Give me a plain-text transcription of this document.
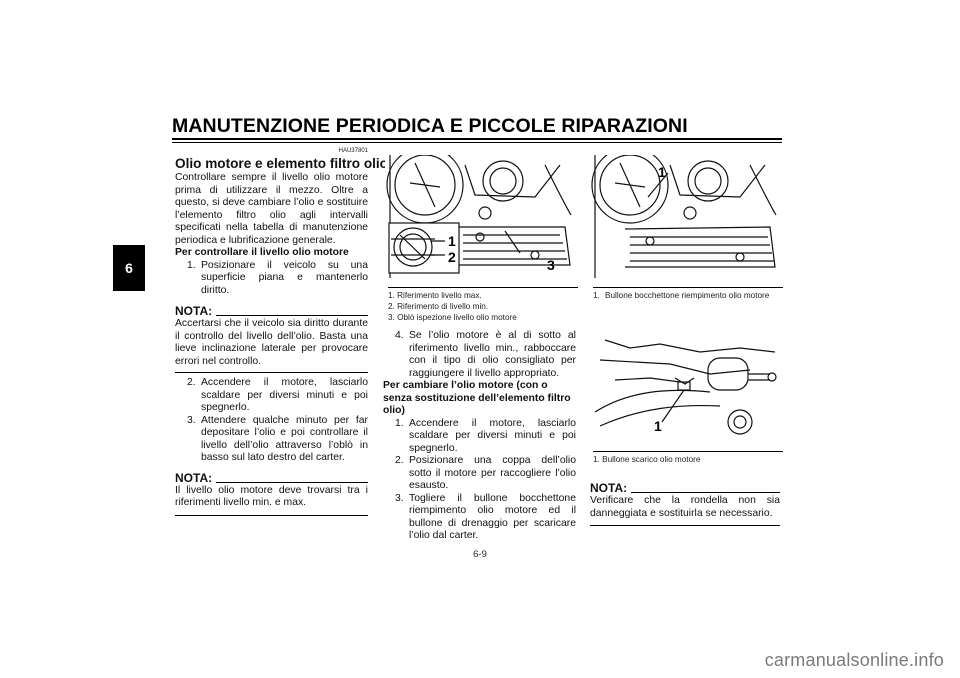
MANUTENZIONE PERIODICA E PICCOLE RIPARAZIONI
6
HAU37801
Olio motore e elemento filtro olio
Controllare sempre il livello olio motore prima di utilizzare il mezzo. Oltre a questo, si deve cambiare l’olio e sostituire l’elemento filtro olio agli intervalli specificati nella tabella di manutenzione periodica e lubrificazione generale.
Per controllare il livello olio motore
1. Posizionare il veicolo su una superficie piana e mantenerlo diritto.
NOTA:
Accertarsi che il veicolo sia diritto durante il controllo del livello dell’olio. Basta una lieve inclinazione laterale per provocare errori nel controllo.
2. Accendere il motore, lasciarlo scaldare per diversi minuti e poi spegnerlo.
3. Attendere qualche minuto per far depositare l’olio e poi controllare il livello dell’olio attraverso l’oblò in basso sul lato destro del carter.
NOTA:
Il livello olio motore deve trovarsi tra i riferimenti livello min. e max.
1
2	3
1. Riferimento livello max.
2. Riferimento di livello min.
3. Oblò ispezione livello olio motore
4. Se l’olio motore è al di sotto al riferimento livello min., rabboccare con il tipo di olio consigliato per raggiungere il livello appropriato.
Per cambiare l’olio motore (con o senza sostituzione dell’elemento filtro olio)
1. Accendere il motore, lasciarlo scaldare per diversi minuti e poi spegnerlo.
2. Posizionare una coppa dell’olio sotto il motore per raccogliere l’olio esausto.
3. Togliere il bullone bocchettone riempimento olio motore ed il bullone di drenaggio per scaricare l’olio dal carter.
1
1. Bullone bocchettone riempimento olio motore
1
1. Bullone scarico olio motore
NOTA:
Verificare che la rondella non sia danneggiata e sostituirla se necessario.
6-9
carmanualsonline.info
